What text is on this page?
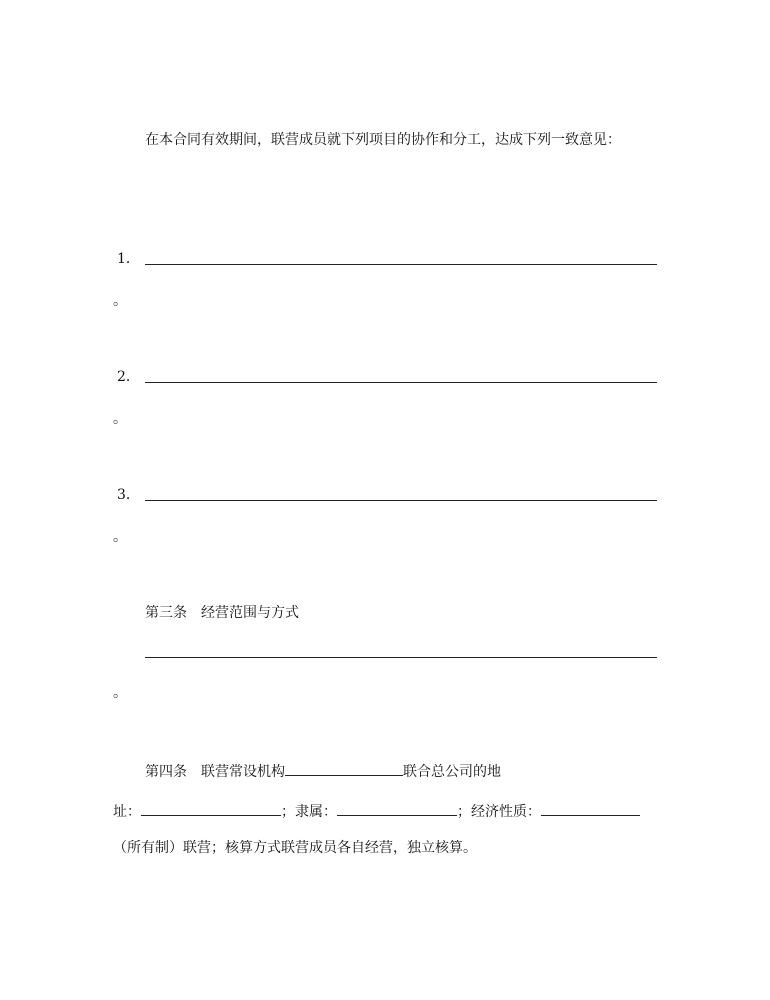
在本合同有效期间，联营成员就下列项目的协作和分工，达成下列一致意见：
1．
。
2．
。
3．
。
第三条　经营范围与方式
。
第四条　联营常设机构	联合总公司的地
址：	；隶属：	；经济性质：
（所有制）联营；核算方式联营成员各自经营，独立核算。
